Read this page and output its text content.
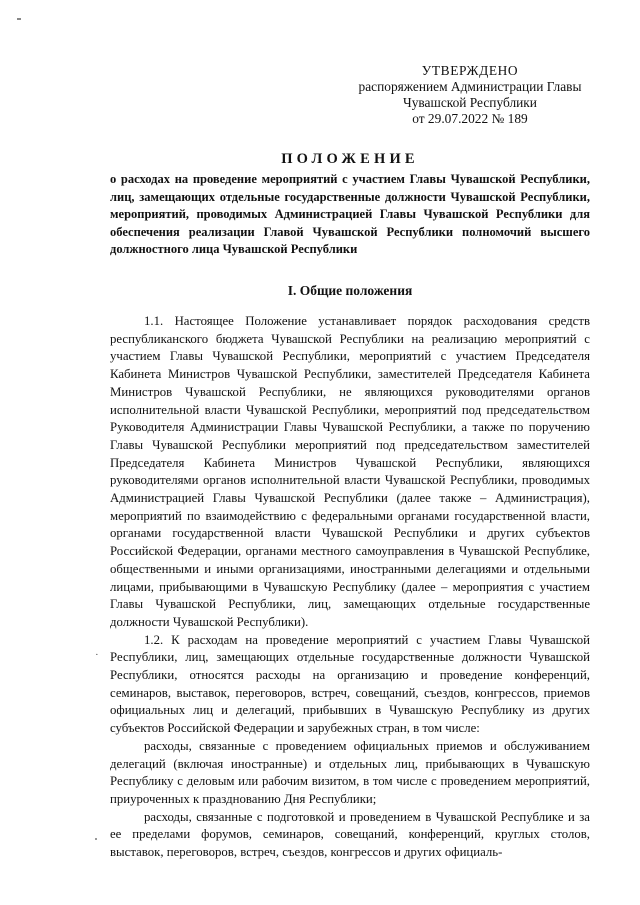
УТВЕРЖДЕНО
распоряжением Администрации Главы
Чувашской Республики
от 29.07.2022 № 189
ПОЛОЖЕНИЕ
о расходах на проведение мероприятий с участием Главы Чувашской Республики, лиц, замещающих отдельные государственные должности Чувашской Республики, мероприятий, проводимых Администрацией Главы Чувашской Республики для обеспечения реализации Главой Чувашской Республики полномочий высшего должностного лица Чувашской Республики
I. Общие положения

1.1. Настоящее Положение устанавливает порядок расходования средств республиканского бюджета Чувашской Республики на реализацию мероприятий с участием Главы Чувашской Республики, мероприятий с участием Председателя Кабинета Министров Чувашской Республики, заместителей Председателя Кабинета Министров Чувашской Республики, не являющихся руководителями органов исполнительной власти Чувашской Республики, мероприятий под председательством Руководителя Администрации Главы Чувашской Республики, а также по поручению Главы Чувашской Республики мероприятий под председательством заместителей Председателя Кабинета Министров Чувашской Республики, являющихся руководителями органов исполнительной власти Чувашской Республики, проводимых Администрацией Главы Чувашской Республики (далее также – Администрация), мероприятий по взаимодействию с федеральными органами государственной власти, органами государственной власти Чувашской Республики и других субъектов Российской Федерации, органами местного самоуправления в Чувашской Республике, общественными и иными организациями, иностранными делегациями и отдельными лицами, прибывающими в Чувашскую Республику (далее – мероприятия с участием Главы Чувашской Республики, лиц, замещающих отдельные государственные должности Чувашской Республики).

1.2. К расходам на проведение мероприятий с участием Главы Чувашской Республики, лиц, замещающих отдельные государственные должности Чувашской Республики, относятся расходы на организацию и проведение конференций, семинаров, выставок, переговоров, встреч, совещаний, съездов, конгрессов, приемов официальных лиц и делегаций, прибывших в Чувашскую Республику из других субъектов Российской Федерации и зарубежных стран, в том числе:

расходы, связанные с проведением официальных приемов и обслуживанием делегаций (включая иностранные) и отдельных лиц, прибывающих в Чувашскую Республику с деловым или рабочим визитом, в том числе с проведением мероприятий, приуроченных к празднованию Дня Республики;

расходы, связанные с подготовкой и проведением в Чувашской Республике и за ее пределами форумов, семинаров, совещаний, конференций, круглых столов, выставок, переговоров, встреч, съездов, конгрессов и других официаль-

·
